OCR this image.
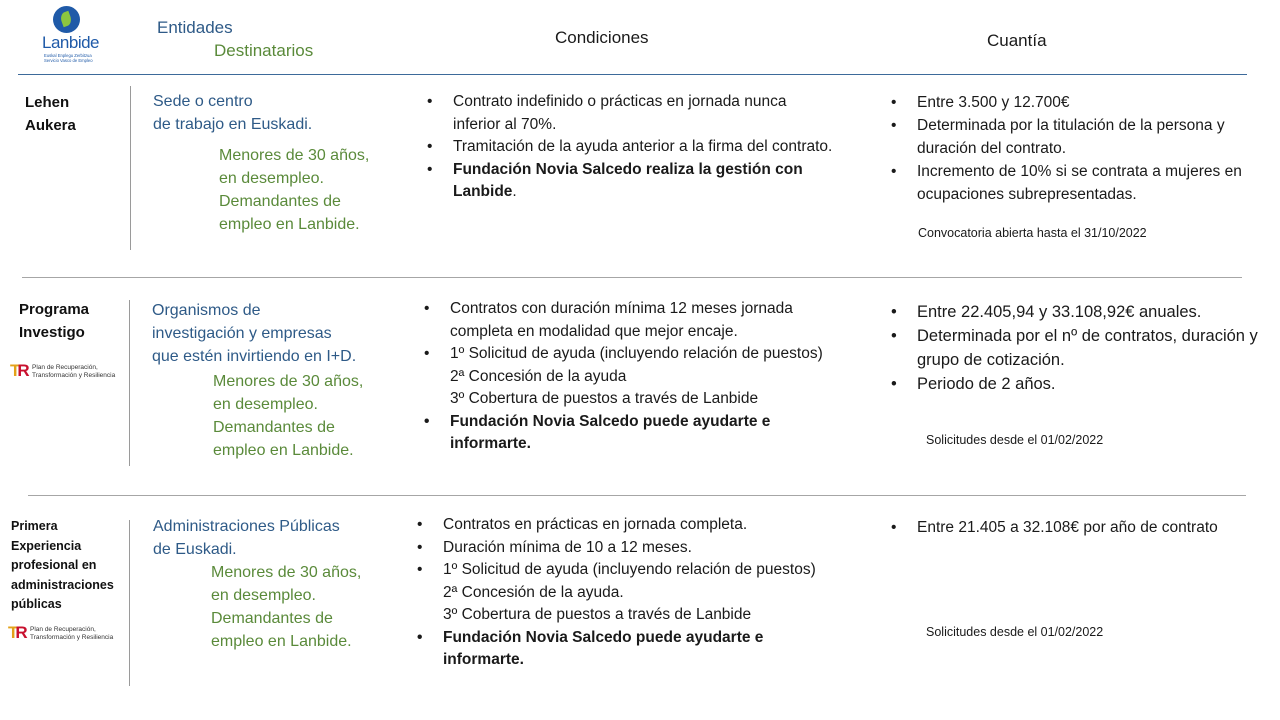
Lanbide
Euskal Enplegu Zerbitzua
Servicio Vasco de Empleo
Entidades
Destinatarios
Condiciones	Cuantía
Lehen
Aukera
Sede o centro
de trabajo en Euskadi.
Menores de 30 años,
en desempleo.
Demandantes de
empleo en Lanbide.
• Contrato indefinido o prácticas en jornada nunca inferior al 70%.
• Tramitación de la ayuda anterior a la firma del contrato.
• Fundación Novia Salcedo realiza la gestión con Lanbide.
• Entre 3.500 y 12.700€
• Determinada por la titulación de la persona y duración del contrato.
• Incremento de 10% si se contrata a mujeres en ocupaciones subrepresentadas.
Convocatoria abierta hasta el 31/10/2022
Programa
Investigo
TR Plan de Recuperación,
Transformación y Resiliencia
Organismos de
investigación y empresas
que estén invirtiendo en I+D.
Menores de 30 años,
en desempleo.
Demandantes de
empleo en Lanbide.
• Contratos con duración mínima 12 meses jornada completa en modalidad que mejor encaje.
• 1º Solicitud de ayuda (incluyendo relación de puestos)
2ª Concesión de la ayuda
3º Cobertura de puestos a través de Lanbide
• Fundación Novia Salcedo puede ayudarte e informarte.
• Entre 22.405,94 y 33.108,92€ anuales.
• Determinada por el nº de contratos, duración y grupo de cotización.
• Periodo de 2 años.
Solicitudes desde el 01/02/2022
Primera
Experiencia
profesional en
administraciones
públicas
TR Plan de Recuperación,
Transformación y Resiliencia
Administraciones Públicas
de Euskadi.
Menores de 30 años,
en desempleo.
Demandantes de
empleo en Lanbide.
• Contratos en prácticas en jornada completa.
• Duración mínima de 10 a 12 meses.
• 1º Solicitud de ayuda (incluyendo relación de puestos)
2ª Concesión de la ayuda.
3º Cobertura de puestos a través de Lanbide
• Fundación Novia Salcedo puede ayudarte e informarte.
• Entre 21.405 a 32.108€ por año de contrato
Solicitudes desde el 01/02/2022
